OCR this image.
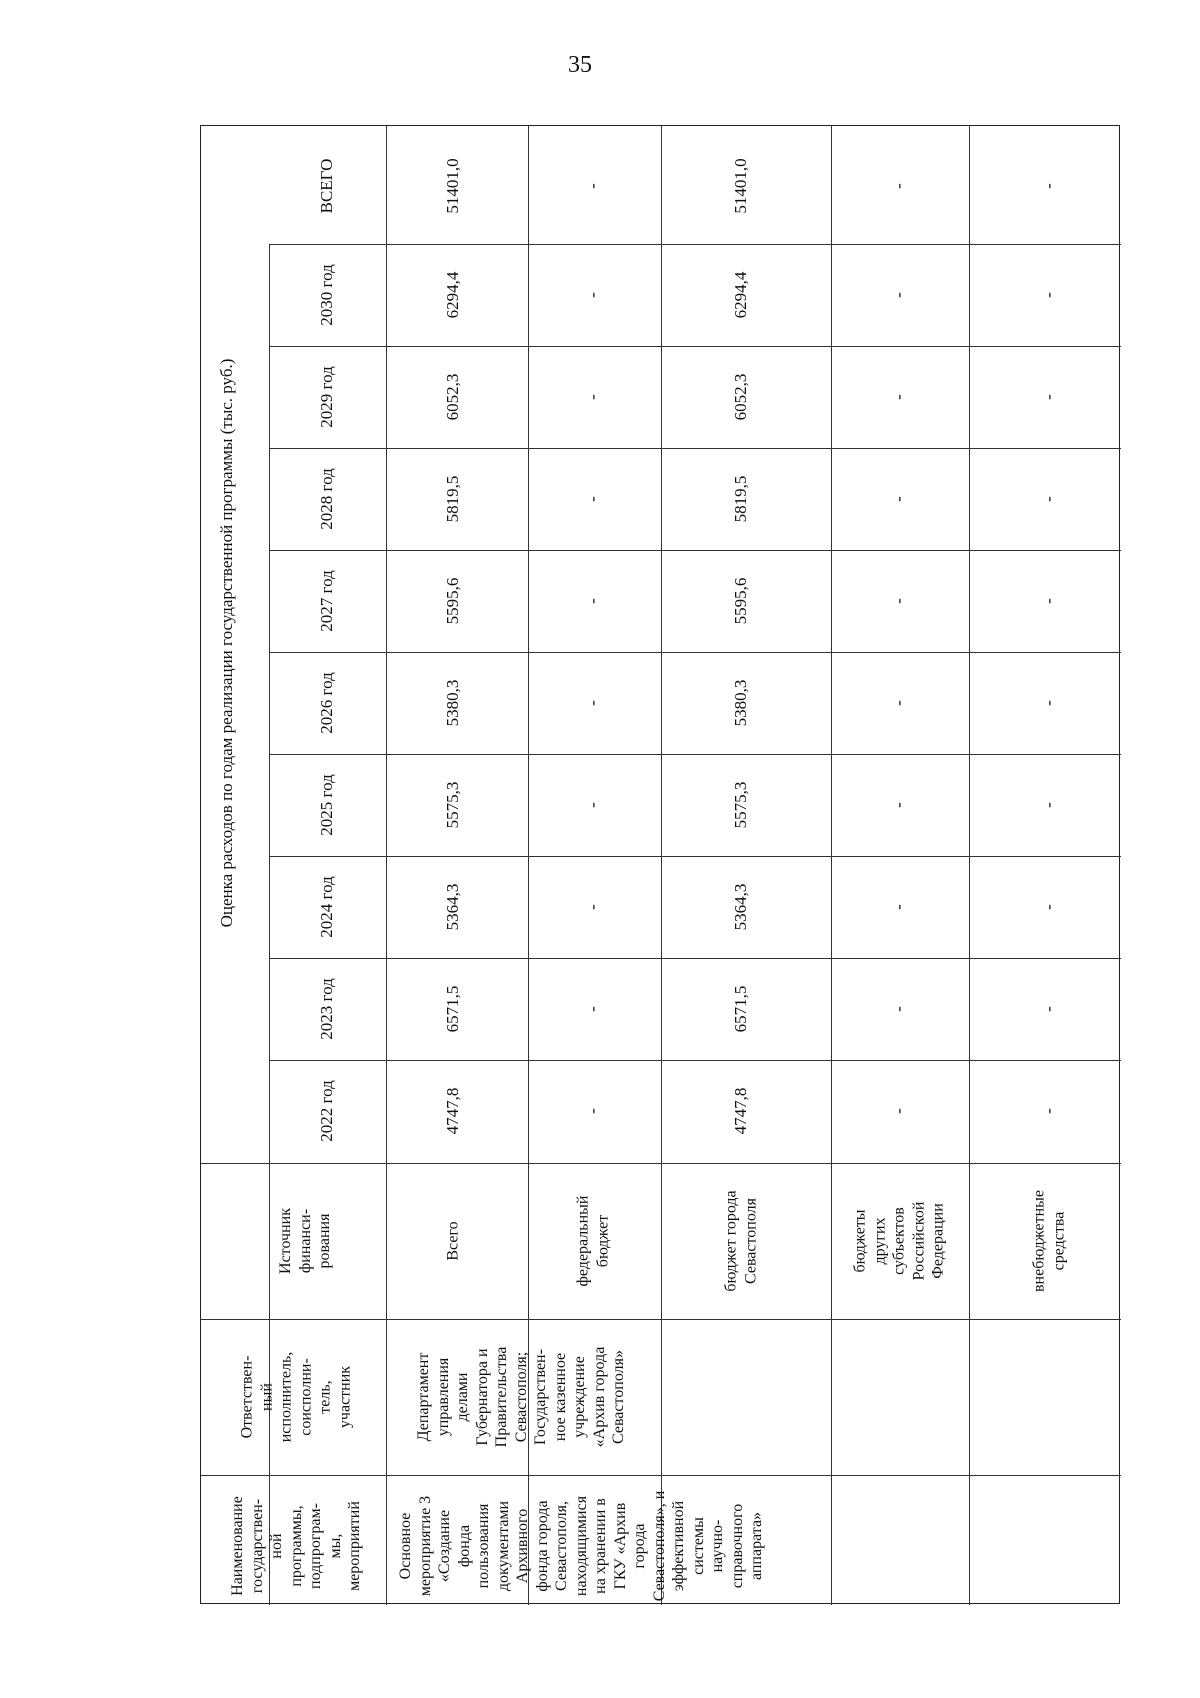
35
Оценка расходов по годам реализации государственной программы (тыс. руб.)
2022 год
2023 год
2024 год
2025 год
2026 год
2027 год
2028 год
2029 год
2030 год
ВСЕГО
Источник
финанси-
рования
Ответствен-
ный
исполнитель,
соисполни-
тель,
участник
Наименование
государствен-
ной
программы,
подпрограм-
мы,
мероприятий
Всего
4747,8
6571,5
5364,3
5575,3
5380,3
5595,6
5819,5
6052,3
6294,4
51401,0
федеральный
бюджет
-
-
-
-
-
-
-
-
-
-
бюджет города
Севастополя
4747,8
6571,5
5364,3
5575,3
5380,3
5595,6
5819,5
6052,3
6294,4
51401,0
бюджеты
других
субъектов
Российской
Федерации
-
-
-
-
-
-
-
-
-
-
внебюджетные
средства
-
-
-
-
-
-
-
-
-
-
Департамент
управления
делами
Губернатора и
Правительства
Севастополя;
Государствен-
ное казенное
учреждение
«Архив города
Севастополя»
Основное
мероприятие 3
«Создание
фонда
пользования
документами
Архивного
фонда города
Севастополя,
находящимися
на хранении в
ГКУ «Архив
города
Севастополя», и
эффективной
системы
научно-
справочного
аппарата»
